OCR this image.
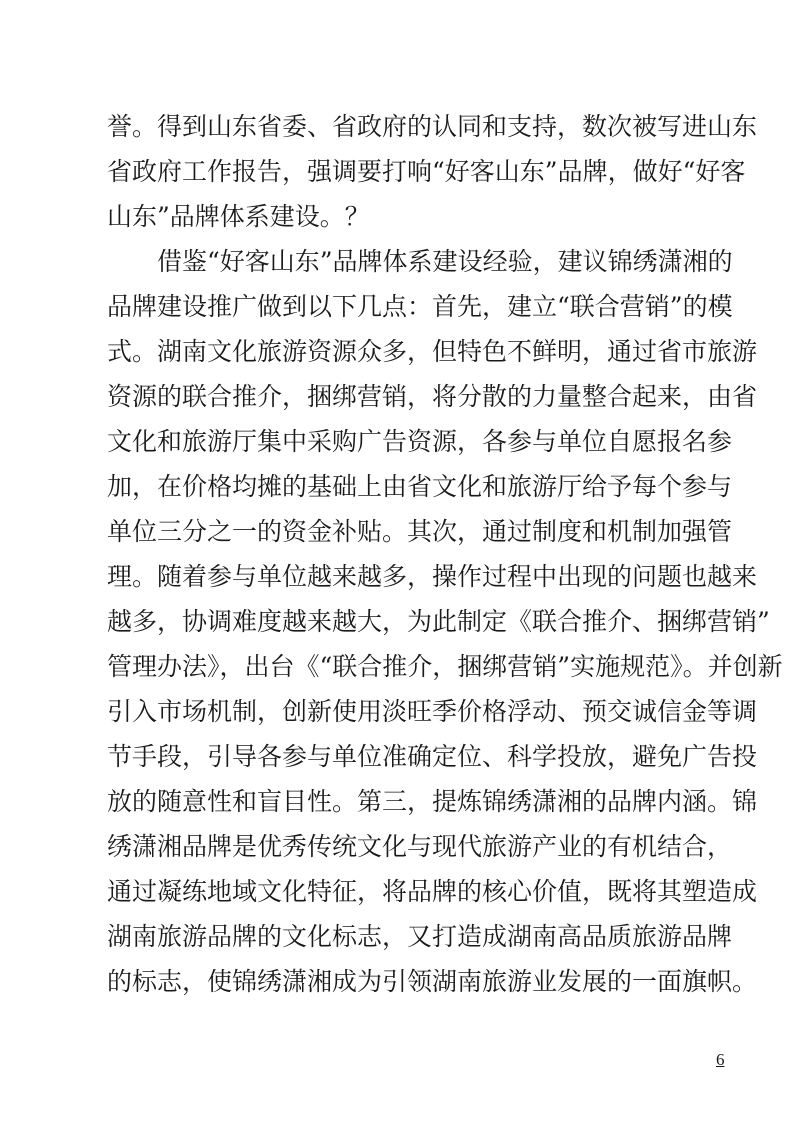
誉。得到山东省委、省政府的认同和支持，数次被写进山东
省政府工作报告，强调要打响“好客山东”品牌，做好“好客
山东”品牌体系建设。？
借鉴“好客山东”品牌体系建设经验，建议锦绣潇湘的
品牌建设推广做到以下几点：首先，建立“联合营销”的模
式。湖南文化旅游资源众多，但特色不鲜明，通过省市旅游
资源的联合推介，捆绑营销，将分散的力量整合起来，由省
文化和旅游厅集中采购广告资源，各参与单位自愿报名参
加，在价格均摊的基础上由省文化和旅游厅给予每个参与
单位三分之一的资金补贴。其次，通过制度和机制加强管
理。随着参与单位越来越多，操作过程中出现的问题也越来
越多，协调难度越来越大，为此制定《联合推介、捆绑营销”
管理办法》，出台《“联合推介，捆绑营销”实施规范》。并创新
引入市场机制，创新使用淡旺季价格浮动、预交诚信金等调
节手段，引导各参与单位准确定位、科学投放，避免广告投
放的随意性和盲目性。第三，提炼锦绣潇湘的品牌内涵。锦
绣潇湘品牌是优秀传统文化与现代旅游产业的有机结合，
通过凝练地域文化特征，将品牌的核心价值，既将其塑造成
湖南旅游品牌的文化标志，又打造成湖南高品质旅游品牌
的标志，使锦绣潇湘成为引领湖南旅游业发展的一面旗帜。
6
